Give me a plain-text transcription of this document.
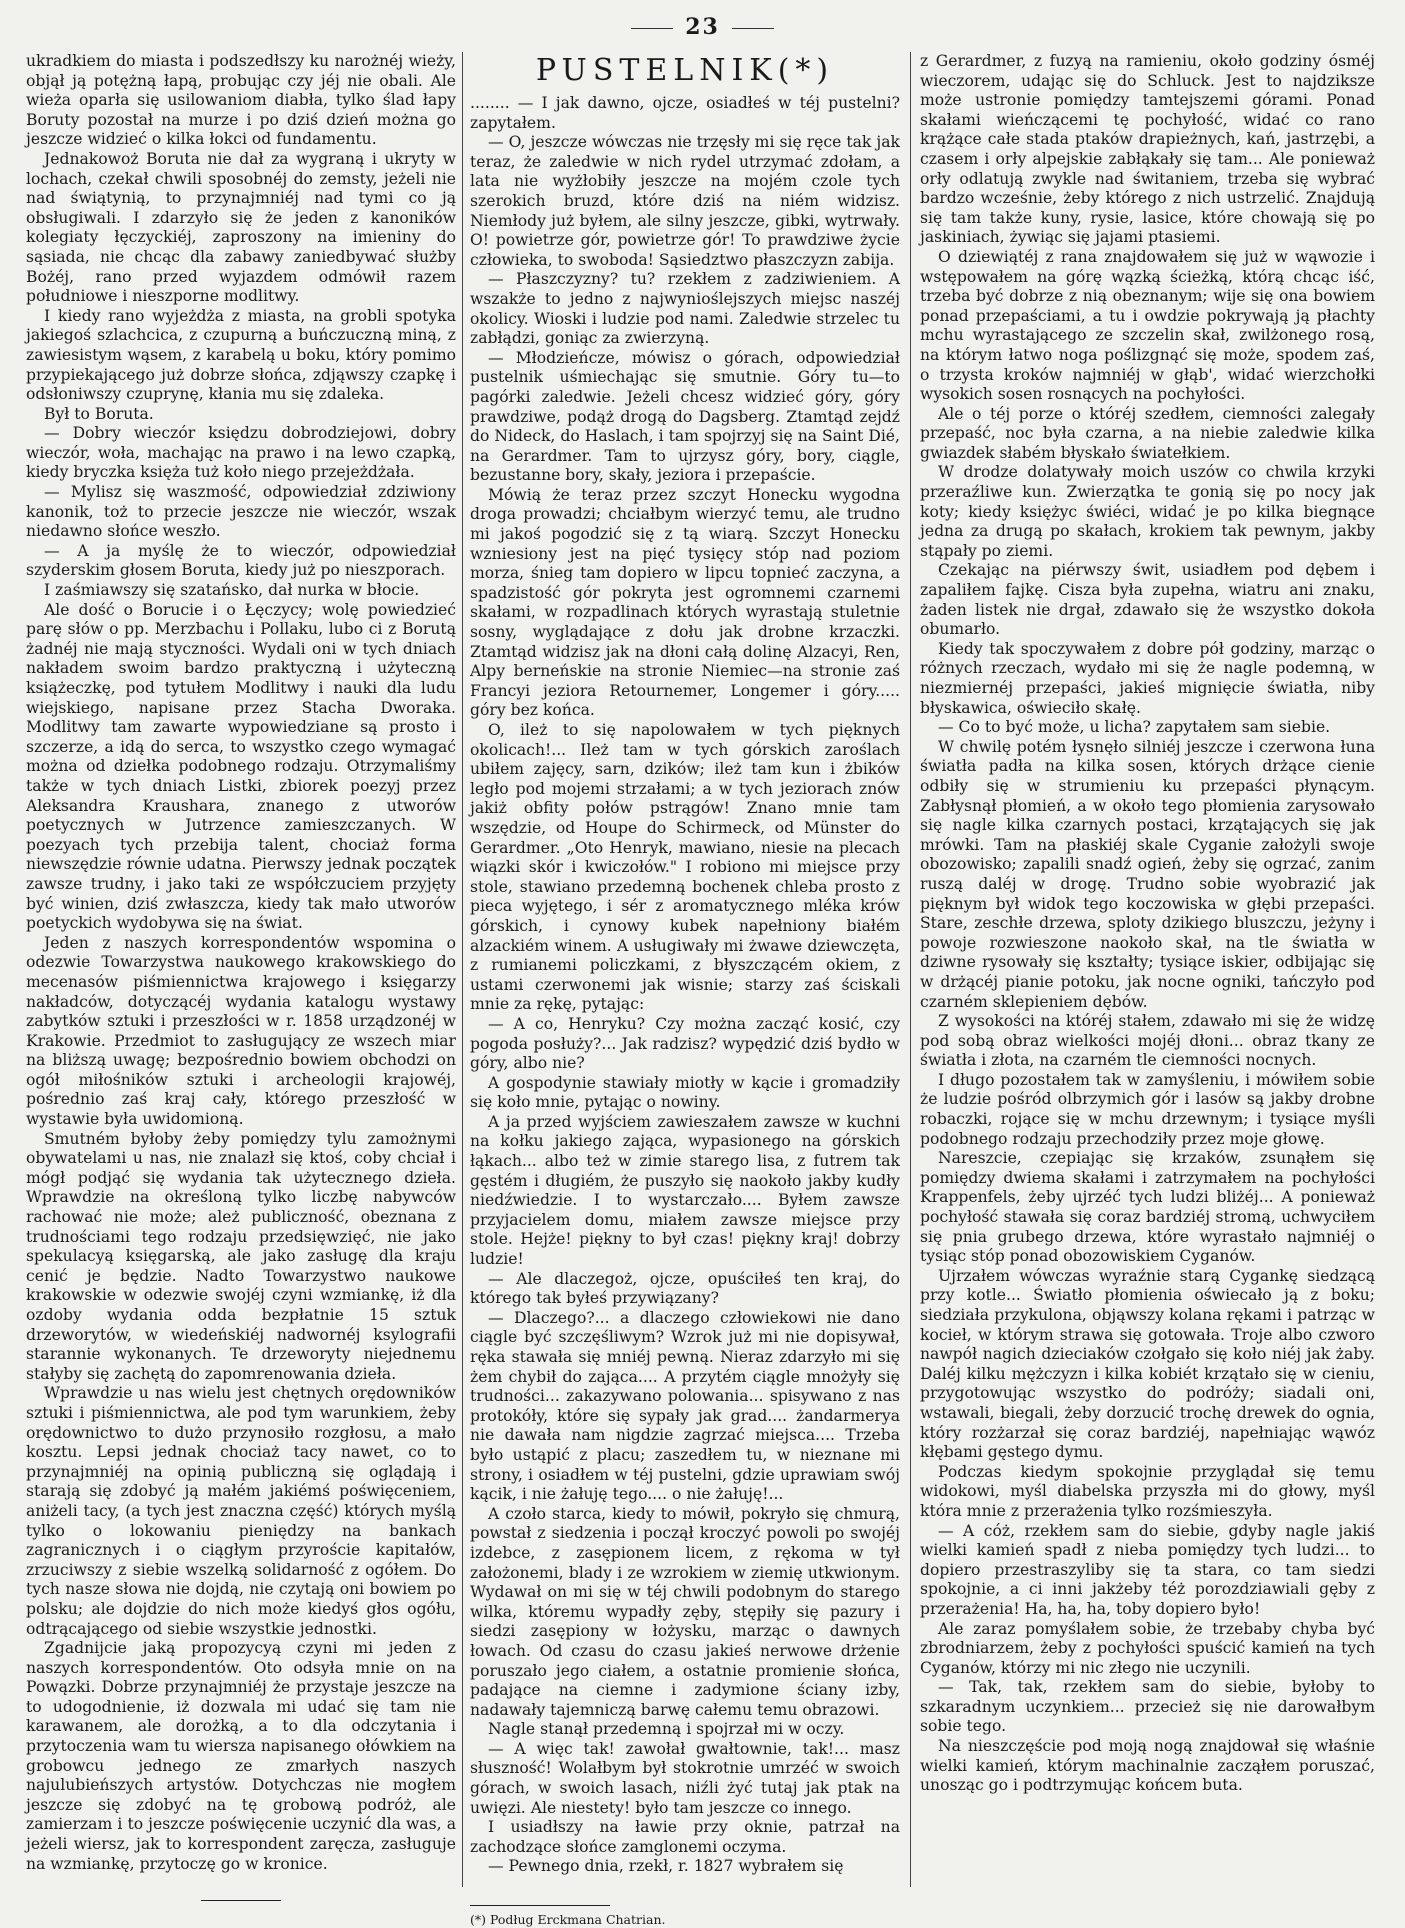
23

ukradkiem do miasta i podszedłszy ku narożnéj wieży, objął ją potężną łapą, probując czy jéj nie obali. Ale wieża oparła się usilowaniom diabła, tylko ślad łapy Boruty pozostał na murze i po dziś dzień można go jeszcze widzieć o kilka łokci od fundamentu.

Jednakowoż Boruta nie dał za wygraną i ukryty w lochach, czekał chwili sposobnéj do zemsty, jeżeli nie nad świątynią, to przynajmniéj nad tymi co ją obsługiwali. I zdarzyło się że jeden z kanoników kolegiaty łęczyckiéj, zaproszony na imieniny do sąsiada, nie chcąc dla zabawy zaniedbywać służby Bożéj, rano przed wyjazdem odmówił razem południowe i nieszporne modlitwy.

I kiedy rano wyjeżdża z miasta, na grobli spotyka jakiegoś szlachcica, z czupurną a buńczuczną miną, z zawiesistym wąsem, z karabelą u boku, który pomimo przypiekającego już dobrze słońca, zdjąwszy czapkę i odsłoniwszy czuprynę, kłania mu się zdaleka.

Był to Boruta.

— Dobry wieczór księdzu dobrodziejowi, dobry wieczór, woła, machając na prawo i na lewo czapką, kiedy bryczka księża tuż koło niego przejeżdżała.

— Mylisz się waszmość, odpowiedział zdziwiony kanonik, toż to przecie jeszcze nie wieczór, wszak niedawno słońce weszło.

— A ja myślę że to wieczór, odpowiedział szyderskim głosem Boruta, kiedy już po nieszporach.

I zaśmiawszy się szatańsko, dał nurka w błocie.

Ale dość o Borucie i o Łęczycy; wolę powiedzieć parę słów o pp. Merzbachu i Pollaku, lubo ci z Borutą żadnéj nie mają styczności. Wydali oni w tych dniach nakładem swoim bardzo praktyczną i użyteczną książeczkę, pod tytułem Modlitwy i nauki dla ludu wiejskiego, napisane przez Stacha Dworaka. Modlitwy tam zawarte wypowiedziane są prosto i szczerze, a idą do serca, to wszystko czego wymagać można od dziełka podobnego rodzaju. Otrzymaliśmy także w tych dniach Listki, zbiorek poezyj przez Aleksandra Kraushara, znanego z utworów poetycznych w Jutrzence zamieszczanych. W poezyach tych przebija talent, chociaż forma niewszędzie równie udatna. Pierwszy jednak początek zawsze trudny, i jako taki ze współczuciem przyjęty być winien, dziś zwłaszcza, kiedy tak mało utworów poetyckich wydobywa się na świat.

Jeden z naszych korrespondentów wspomina o odezwie Towarzystwa naukowego krakowskiego do mecenasów piśmiennictwa krajowego i księgarzy nakładców, dotyczącéj wydania katalogu wystawy zabytków sztuki i przeszłości w r. 1858 urządzonéj w Krakowie. Przedmiot to zasługujący ze wszech miar na bliższą uwagę; bezpośrednio bowiem obchodzi on ogół miłośników sztuki i archeologii krajowéj, pośrednio zaś kraj cały, którego przeszłość w wystawie była uwidomioną.

Smutném byłoby żeby pomiędzy tylu zamożnymi obywatelami u nas, nie znalazł się ktoś, coby chciał i mógł podjąć się wydania tak użytecznego dzieła. Wprawdzie na określoną tylko liczbę nabywców rachować nie może; ależ publiczność, obeznana z trudnościami tego rodzaju przedsięwzięć, nie jako spekulacyą księgarską, ale jako zasługę dla kraju cenić je będzie. Nadto Towarzystwo naukowe krakowskie w odezwie swojéj czyni wzmiankę, iż dla ozdoby wydania odda bezpłatnie 15 sztuk drzeworytów, w wiedeńskiéj nadwornéj ksylografii starannie wykonanych. Te drzeworyty niejednemu stałyby się zachętą do zapomrenowania dzieła.

Wprawdzie u nas wielu jest chętnych orędowników sztuki i piśmiennictwa, ale pod tym warunkiem, żeby orędownictwo to dużo przynosiło rozgłosu, a mało kosztu. Lepsi jednak chociaż tacy nawet, co to przynajmniéj na opinią publiczną się oglądają i starają się zdobyć ją małém jakiémś poświęceniem, aniżeli tacy, (a tych jest znaczna część) których myślą tylko o lokowaniu pieniędzy na bankach zagranicznych i o ciągłym przyroście kapitałów, zrzuciwszy z siebie wszelką solidarność z ogółem. Do tych nasze słowa nie dojdą, nie czytają oni bowiem po polsku; ale dojdzie do nich może kiedyś głos ogółu, odtrącającego od siebie wszystkie jednostki.

Zgadnijcie jaką propozycyą czyni mi jeden z naszych korrespondentów. Oto odsyła mnie on na Powązki. Dobrze przynajmniéj że przystaje jeszcze na to udogodnienie, iż dozwala mi udać się tam nie karawanem, ale dorożką, a to dla odczytania i przytoczenia wam tu wiersza napisanego ołówkiem na grobowcu jednego ze zmarłych naszych najulubieńszych artystów. Dotychczas nie mogłem jeszcze się zdobyć na tę grobową podróż, ale zamierzam i to jeszcze poświęcenie uczynić dla was, a jeżeli wiersz, jak to korrespondent zaręcza, zasługuje na wzmiankę, przytoczę go w kronice.

PUSTELNIK(*)

........ — I jak dawno, ojcze, osiadłeś w téj pustelni? zapytałem.

— O, jeszcze wówczas nie trzęsły mi się ręce tak jak teraz, że zaledwie w nich rydel utrzymać zdołam, a lata nie wyżłobiły jeszcze na mojém czole tych szerokich bruzd, które dziś na niém widzisz. Niemłody już byłem, ale silny jeszcze, gibki, wytrwały. O! powietrze gór, powietrze gór! To prawdziwe życie człowieka, to swoboda! Sąsiedztwo płaszczyzn zabija.

— Płaszczyzny? tu? rzekłem z zadziwieniem. A wszakże to jedno z najwynioślejszych miejsc naszéj okolicy. Wioski i ludzie pod nami. Zaledwie strzelec tu zabłądzi, goniąc za zwierzyną.

— Młodzieńcze, mówisz o górach, odpowiedział pustelnik uśmiechając się smutnie. Góry tu—to pagórki zaledwie. Jeżeli chcesz widzieć góry, góry prawdziwe, podąż drogą do Dagsberg. Ztamtąd zejdź do Nideck, do Haslach, i tam spojrzyj się na Saint Dié, na Gerardmer. Tam to ujrzysz góry, bory, ciągle, bezustanne bory, skały, jeziora i przepaście.

Mówią że teraz przez szczyt Honecku wygodna droga prowadzi; chciałbym wierzyć temu, ale trudno mi jakoś pogodzić się z tą wiarą. Szczyt Honecku wzniesiony jest na pięć tysięcy stóp nad poziom morza, śnieg tam dopiero w lipcu topnieć zaczyna, a spadzistość gór pokryta jest ogromnemi czarnemi skałami, w rozpadlinach których wyrastają stuletnie sosny, wyglądające z dołu jak drobne krzaczki. Ztamtąd widzisz jak na dłoni całą dolinę Alzacyi, Ren, Alpy berneńskie na stronie Niemiec—na stronie zaś Francyi jeziora Retournemer, Longemer i góry..... góry bez końca.

O, ileż to się napolowałem w tych pięknych okolicach!... Ileż tam w tych górskich zaroślach ubiłem zajęcy, sarn, dzików; ileż tam kun i żbików legło pod mojemi strzałami; a w tych jeziorach znów jakiż obfity połów pstrągów! Znano mnie tam wszędzie, od Houpe do Schirmeck, od Münster do Gerardmer. „Oto Henryk, mawiano, niesie na plecach wiązki skór i kwiczołów." I robiono mi miejsce przy stole, stawiano przedemną bochenek chleba prosto z pieca wyjętego, i sér z aromatycznego mléka krów górskich, i cynowy kubek napełniony białém alzackiém winem. A usługiwały mi żwawe dziewczęta, z rumianemi policzkami, z błyszczącém okiem, z ustami czerwonemi jak wisnie; starzy zaś ściskali mnie za rękę, pytając:

— A co, Henryku? Czy można zacząć kosić, czy pogoda posłuży?... Jak radzisz? wypędzić dziś bydło w góry, albo nie?

A gospodynie stawiały miotły w kącie i gromadziły się koło mnie, pytając o nowiny.

A ja przed wyjściem zawieszałem zawsze w kuchni na kołku jakiego zająca, wypasionego na górskich łąkach... albo też w zimie starego lisa, z futrem tak gęstém i długiém, że puszyło się naokoło jakby kudły niedźwiedzie. I to wystarczało.... Byłem zawsze przyjacielem domu, miałem zawsze miejsce przy stole. Hejże! piękny to był czas! piękny kraj! dobrzy ludzie!

— Ale dlaczegoż, ojcze, opuściłeś ten kraj, do którego tak byłeś przywiązany?

— Dlaczego?... a dlaczego człowiekowi nie dano ciągle być szczęśliwym? Wzrok już mi nie dopisywał, ręka stawała się mniéj pewną. Nieraz zdarzyło mi się żem chybił do zająca.... A przytém ciągle mnożyły się trudności... zakazywano polowania... spisywano z nas protokóły, które się sypały jak grad.... żandarmerya nie dawała nam nigdzie zagrzać miejsca.... Trzeba było ustąpić z placu; zaszedłem tu, w nieznane mi strony, i osiadłem w téj pustelni, gdzie uprawiam swój kącik, i nie żałuję tego.... o nie żałuję!...

A czoło starca, kiedy to mówił, pokryło się chmurą, powstał z siedzenia i począł kroczyć powoli po swojéj izdebce, z zasępionem licem, z rękoma w tył założonemi, blady i ze wzrokiem w ziemię utkwionym. Wydawał on mi się w téj chwili podobnym do starego wilka, któremu wypadły zęby, stępiły się pazury i siedzi zasępiony w łożysku, marząc o dawnych łowach. Od czasu do czasu jakieś nerwowe drżenie poruszało jego ciałem, a ostatnie promienie słońca, padające na ciemne i zadymione ściany izby, nadawały tajemniczą barwę całemu temu obrazowi.

Nagle stanął przedemną i spojrzał mi w oczy.

— A więc tak! zawołał gwałtownie, tak!... masz słuszność! Wolałbym był stokrotnie umrzéć w swoich górach, w swoich lasach, niźli żyć tutaj jak ptak na uwięzi. Ale niestety! było tam jeszcze co innego.

I usiadłszy na ławie przy oknie, patrzał na zachodzące słońce zamglonemi oczyma.

— Pewnego dnia, rzekł, r. 1827 wybrałem się

(*) Podług Erckmana Chatrian.

z Gerardmer, z fuzyą na ramieniu, około godziny ósméj wieczorem, udając się do Schluck. Jest to najdziksze może ustronie pomiędzy tamtejszemi górami. Ponad skałami wieńczącemi tę pochyłość, widać co rano krążące całe stada ptaków drapieżnych, kań, jastrzębi, a czasem i orły alpejskie zabłąkały się tam... Ale ponieważ orły odlatują zwykle nad świtaniem, trzeba się wybrać bardzo wcześnie, żeby którego z nich ustrzelić. Znajdują się tam także kuny, rysie, lasice, które chowają się po jaskiniach, żywiąc się jajami ptasiemi.

O dziewiątéj z rana znajdowałem się już w wąwozie i wstępowałem na górę wązką ścieżką, którą chcąc iść, trzeba być dobrze z nią obeznanym; wije się ona bowiem ponad przepaściami, a tu i owdzie pokrywają ją płachty mchu wyrastającego ze szczelin skał, zwilżonego rosą, na którym łatwo noga poślizgnąć się może, spodem zaś, o trzysta kroków najmniéj w głąb', widać wierzchołki wysokich sosen rosnących na pochyłości.

Ale o téj porze o któréj szedłem, ciemności zalegały przepaść, noc była czarna, a na niebie zaledwie kilka gwiazdek słabém błyskało światełkiem.

W drodze dolatywały moich uszów co chwila krzyki przeraźliwe kun. Zwierzątka te gonią się po nocy jak koty; kiedy księżyc świéci, widać je po kilka biegnące jedna za drugą po skałach, krokiem tak pewnym, jakby stąpały po ziemi.

Czekając na piérwszy świt, usiadłem pod dębem i zapaliłem fajkę. Cisza była zupełna, wiatru ani znaku, żaden listek nie drgał, zdawało się że wszystko dokoła obumarło.

Kiedy tak spoczywałem z dobre pół godziny, marząc o różnych rzeczach, wydało mi się że nagle podemną, w niezmiernéj przepaści, jakieś mignięcie światła, niby błyskawica, oświeciło skałę.

— Co to być może, u licha? zapytałem sam siebie.

W chwilę potém łysnęło silniéj jeszcze i czerwona łuna światła padła na kilka sosen, których drżące cienie odbiły się w strumieniu ku przepaści płynącym. Zabłysnął płomień, a w około tego płomienia zarysowało się nagle kilka czarnych postaci, krzątających się jak mrówki. Tam na płaskiéj skale Cyganie założyli swoje obozowisko; zapalili snadź ogień, żeby się ogrzać, zanim ruszą daléj w drogę. Trudno sobie wyobrazić jak pięknym był widok tego koczowiska w głębi przepaści. Stare, zeschłe drzewa, sploty dzikiego bluszczu, jeżyny i powoje rozwieszone naokoło skał, na tle światła w dziwne rysowały się kształty; tysiące iskier, odbijając się w drżącéj pianie potoku, jak nocne ogniki, tańczyło pod czarném sklepieniem dębów.

Z wysokości na któréj stałem, zdawało mi się że widzę pod sobą obraz wielkości mojéj dłoni... obraz tkany ze światła i złota, na czarném tle ciemności nocnych.

I długo pozostałem tak w zamyśleniu, i mówiłem sobie że ludzie pośród olbrzymich gór i lasów są jakby drobne robaczki, rojące się w mchu drzewnym; i tysiące myśli podobnego rodzaju przechodziły przez moje głowę.

Nareszcie, czepiając się krzaków, zsunąłem się pomiędzy dwiema skałami i zatrzymałem na pochyłości Krappenfels, żeby ujrzéć tych ludzi bliżéj... A ponieważ pochyłość stawała się coraz bardziéj stromą, uchwyciłem się pnia grubego drzewa, które wyrastało najmniéj o tysiąc stóp ponad obozowiskiem Cyganów.

Ujrzałem wówczas wyraźnie starą Cygankę siedzącą przy kotle... Światło płomienia oświecało ją z boku; siedziała przykulona, objąwszy kolana rękami i patrząc w kocieł, w którym strawa się gotowała. Troje albo czworo nawpół nagich dzieciaków czołgało się koło niéj jak żaby. Daléj kilku mężczyzn i kilka kobiét krzątało się w cieniu, przygotowując wszystko do podróży; siadali oni, wstawali, biegali, żeby dorzucić trochę drewek do ognia, który rozżarzał się coraz bardziéj, napełniając wąwóz kłębami gęstego dymu.

Podczas kiedym spokojnie przyglądał się temu widokowi, myśl diabelska przyszła mi do głowy, myśl która mnie z przerażenia tylko rozśmieszyła.

— A cóż, rzekłem sam do siebie, gdyby nagle jakiś wielki kamień spadł z nieba pomiędzy tych ludzi... to dopiero przestraszyliby się ta stara, co tam siedzi spokojnie, a ci inni jakżeby téż porozdziawiali gęby z przerażenia! Ha, ha, ha, toby dopiero było!

Ale zaraz pomyślałem sobie, że trzebaby chyba być zbrodniarzem, żeby z pochyłości spuścić kamień na tych Cyganów, którzy mi nic złego nie uczynili.

— Tak, tak, rzekłem sam do siebie, byłoby to szkaradnym uczynkiem... przecież się nie darowałbym sobie tego.

Na nieszczęście pod moją nogą znajdował się właśnie wielki kamień, którym machinalnie zacząłem poruszać, unosząc go i podtrzymując końcem buta.
